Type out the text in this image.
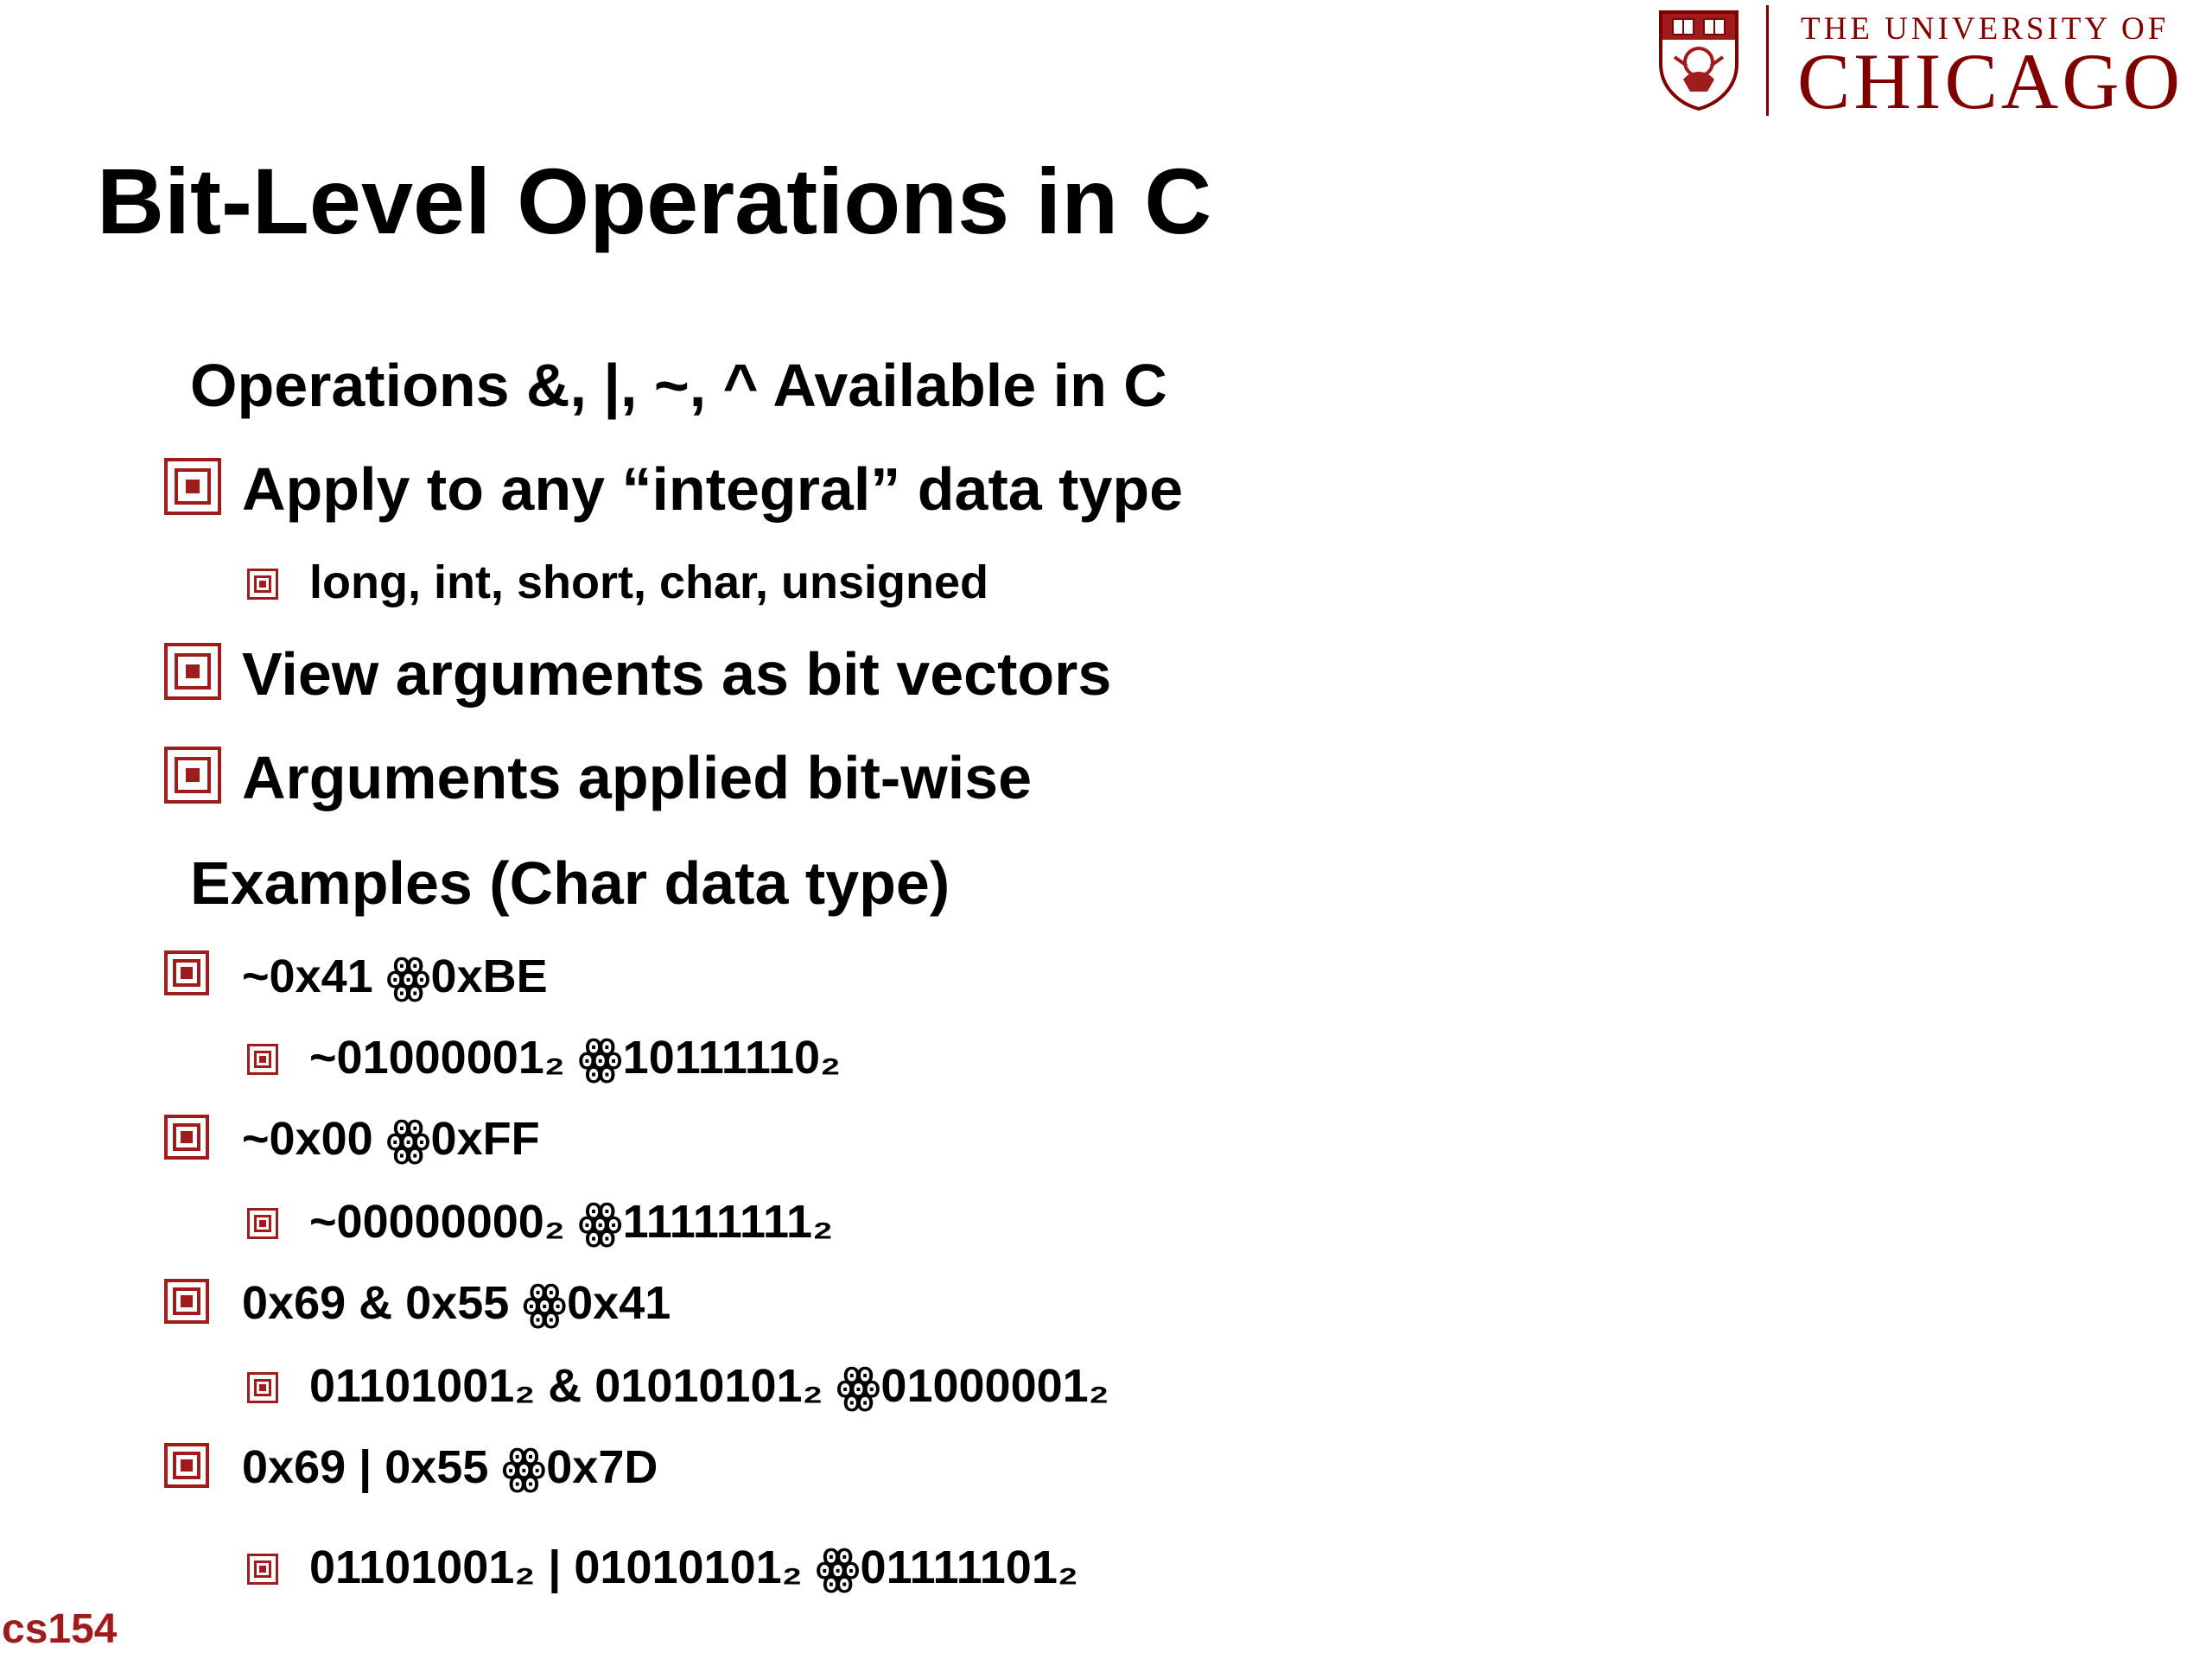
THE UNIVERSITY OF
CHICAGO
Bit-Level Operations in C
Operations &, |, ~, ^ Available in C
Apply to any “integral” data type
long, int, short, char, unsigned
View arguments as bit vectors
Arguments applied bit-wise
Examples (Char data type)
~0x41 ꙮ0xBE
~01000001₂ ꙮ10111110₂
~0x00 ꙮ0xFF
~00000000₂ ꙮ11111111₂
0x69 & 0x55 ꙮ0x41
01101001₂ & 01010101₂ ꙮ01000001₂
0x69 | 0x55 ꙮ0x7D
01101001₂ | 01010101₂ ꙮ01111101₂
cs154
